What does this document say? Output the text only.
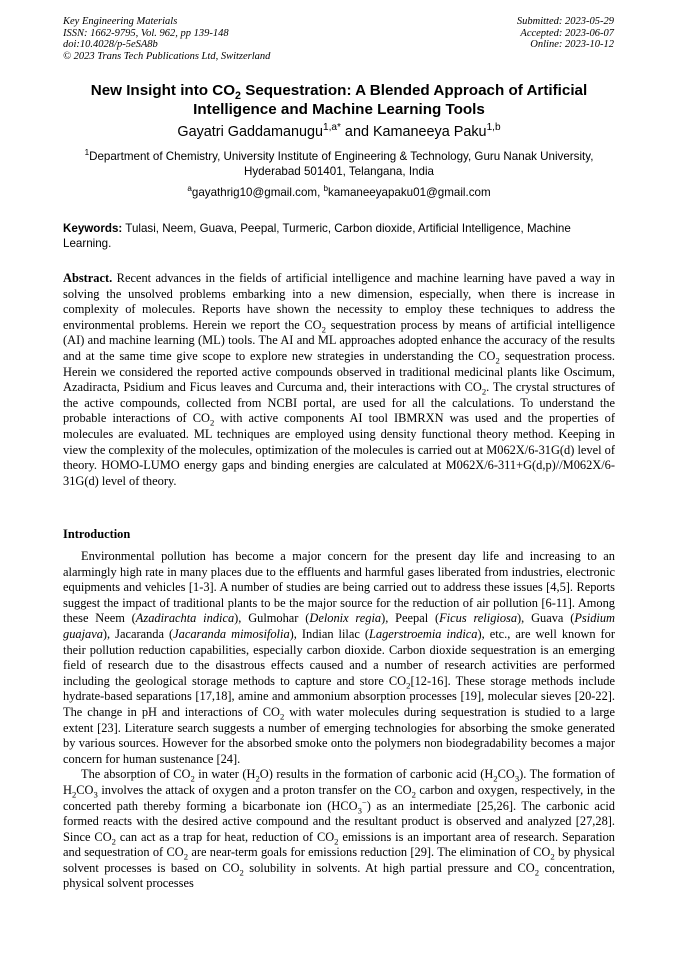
Key Engineering Materials
ISSN: 1662-9795, Vol. 962, pp 139-148
doi:10.4028/p-5eSA8b
© 2023 Trans Tech Publications Ltd, Switzerland
Submitted: 2023-05-29
Accepted: 2023-06-07
Online: 2023-10-12
New Insight into $CO_2$ Sequestration: A Blended Approach of Artificial Intelligence and Machine Learning Tools
Gayatri Gaddamanugu$^{1,a*}$ and Kamaneeya Paku$^{1,b}$
$^1$Department of Chemistry, University Institute of Engineering & Technology, Guru Nanak University, Hyderabad 501401, Telangana, India
$^a$gayathrig10@gmail.com, $^b$kamaneeyapaku01@gmail.com
Keywords: Tulasi, Neem, Guava, Peepal, Turmeric, Carbon dioxide, Artificial Intelligence, Machine Learning.
Abstract. Recent advances in the fields of artificial intelligence and machine learning have paved a way in solving the unsolved problems embarking into a new dimension, especially, when there is increase in complexity of molecules. Reports have shown the necessity to employ these techniques to address the environmental problems. Herein we report the $CO_2$ sequestration process by means of artificial intelligence (AI) and machine learning (ML) tools. The AI and ML approaches adopted enhance the accuracy of the results and at the same time give scope to explore new strategies in understanding the $CO_2$ sequestration process. Herein we considered the reported active compounds observed in traditional medicinal plants like Oscimum, Azadiracta, Psidium and Ficus leaves and Curcuma and, their interactions with $CO_2$. The crystal structures of the active compounds, collected from NCBI portal, are used for all the calculations. To understand the probable interactions of $CO_2$ with active components AI tool IBMRXN was used and the properties of molecules are evaluated. ML techniques are employed using density functional theory method. Keeping in view the complexity of the molecules, optimization of the molecules is carried out at M062X/6-31G(d) level of theory. HOMO-LUMO energy gaps and binding energies are calculated at M062X/6-311+G(d,p)//M062X/6-31G(d) level of theory.
Introduction

Environmental pollution has become a major concern for the present day life and increasing to an alarmingly high rate in many places due to the effluents and harmful gases liberated from industries, electronic equipments and vehicles [1-3]. A number of studies are being carried out to address these issues [4,5]. Reports suggest the impact of traditional plants to be the major source for the reduction of air pollution [6-11]. Among these Neem (Azadirachta indica), Gulmohar (Delonix regia), Peepal (Ficus religiosa), Guava (Psidium guajava), Jacaranda (Jacaranda mimosifolia), Indian lilac (Lagerstroemia indica), etc., are well known for their pollution reduction capabilities, especially carbon dioxide. Carbon dioxide sequestration is an emerging field of research due to the disastrous effects caused and a number of research activities are performed including the geological storage methods to capture and store $CO_2[12-16]$. These storage methods include hydrate-based separations [17,18], amine and ammonium absorption processes [19], molecular sieves [20-22]. The change in pH and interactions of $CO_2$ with water molecules during sequestration is studied to a large extent [23]. Literature search suggests a number of emerging technologies for absorbing the smoke generated by various sources. However for the absorbed smoke onto the polymers non biodegradability becomes a major concern for human sustenance [24].

The absorption of $CO_2$ in water $(H_2O)$ results in the formation of carbonic acid $(H_2CO_3)$. The formation of $H_2CO_3$ involves the attack of oxygen and a proton transfer on the $CO_2$ carbon and oxygen, respectively, in the concerted path thereby forming a bicarbonate ion $(HCO_3^-)$ as an intermediate [25,26]. The carbonic acid formed reacts with the desired active compound and the resultant product is observed and analyzed [27,28]. Since $CO_2$ can act as a trap for heat, reduction of $CO_2$ emissions is an important area of research. Separation and sequestration of $CO_2$ are near-term goals for emissions reduction [29]. The elimination of $CO_2$ by physical solvent processes is based on $CO_2$ solubility in solvents. At high partial pressure and $CO_2$ concentration, physical solvent processes
